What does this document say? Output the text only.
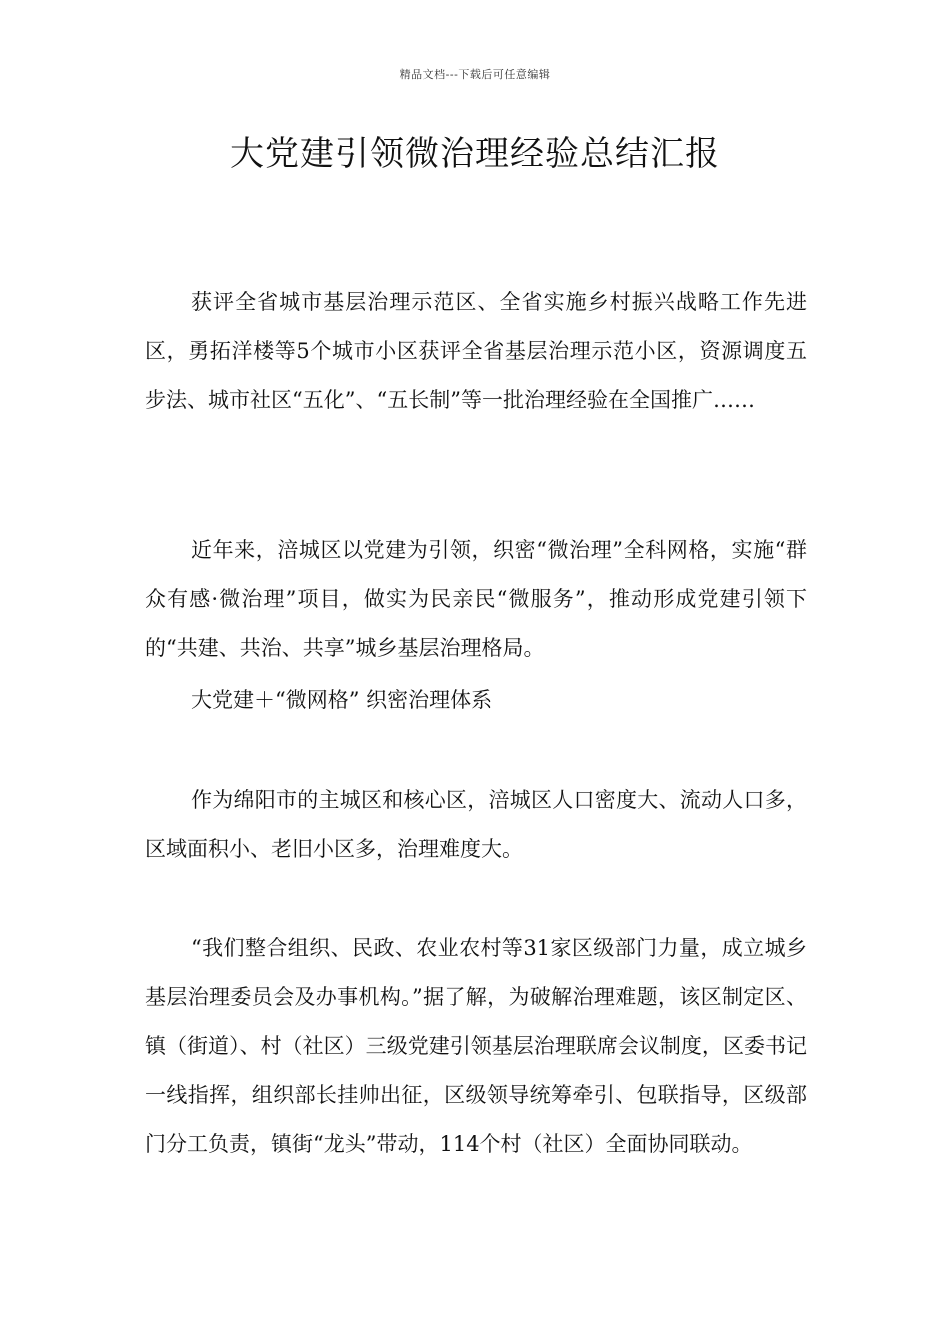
精品文档---下载后可任意编辑
大党建引领微治理经验总结汇报

获评全省城市基层治理示范区、全省实施乡村振兴战略工作先进区，勇拓洋楼等5个城市小区获评全省基层治理示范小区，资源调度五步法、城市社区“五化”、“五长制”等一批治理经验在全国推广……

近年来，涪城区以党建为引领，织密“微治理”全科网格，实施“群众有感·微治理”项目，做实为民亲民“微服务”，推动形成党建引领下的“共建、共治、共享”城乡基层治理格局。

大党建＋“微网格” 织密治理体系

作为绵阳市的主城区和核心区，涪城区人口密度大、流动人口多，区域面积小、老旧小区多，治理难度大。

“我们整合组织、民政、农业农村等31家区级部门力量，成立城乡基层治理委员会及办事机构。”据了解，为破解治理难题，该区制定区、镇（街道）、村（社区）三级党建引领基层治理联席会议制度，区委书记一线指挥，组织部长挂帅出征，区级领导统筹牵引、包联指导，区级部门分工负责，镇街“龙头”带动，114个村（社区）全面协同联动。
